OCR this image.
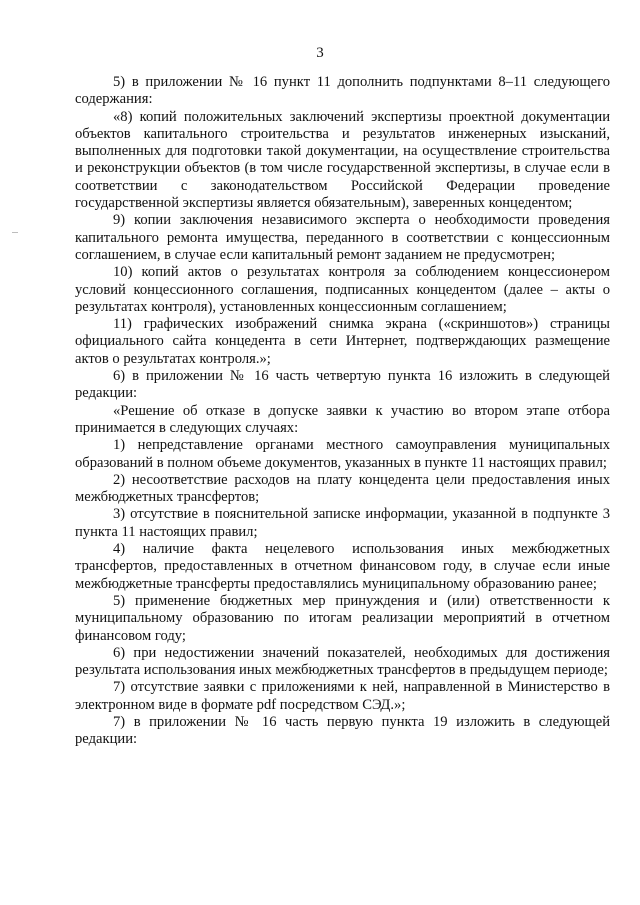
3

5) в приложении № 16 пункт 11 дополнить подпунктами 8–11 следующего содержания:

«8) копий положительных заключений экспертизы проектной документации объектов капитального строительства и результатов инженерных изысканий, выполненных для подготовки такой документации, на осуществление строительства и реконструкции объектов (в том числе государственной экспертизы, в случае если в соответствии с законодательством Российской Федерации проведение государственной экспертизы является обязательным), заверенных концедентом;

9) копии заключения независимого эксперта о необходимости проведения капитального ремонта имущества, переданного в соответствии с концессионным соглашением, в случае если капитальный ремонт заданием не предусмотрен;

10) копий актов о результатах контроля за соблюдением концессионером условий концессионного соглашения, подписанных концедентом (далее – акты о результатах контроля), установленных концессионным соглашением;

11) графических изображений снимка экрана («скриншотов») страницы официального сайта концедента в сети Интернет, подтверждающих размещение актов о результатах контроля.»;

6) в приложении № 16 часть четвертую пункта 16 изложить в следующей редакции:

«Решение об отказе в допуске заявки к участию во втором этапе отбора принимается в следующих случаях:

1) непредставление органами местного самоуправления муниципальных образований в полном объеме документов, указанных в пункте 11 настоящих правил;

2) несоответствие расходов на плату концедента цели предоставления иных межбюджетных трансфертов;

3) отсутствие в пояснительной записке информации, указанной в подпункте 3 пункта 11 настоящих правил;

4) наличие факта нецелевого использования иных межбюджетных трансфертов, предоставленных в отчетном финансовом году, в случае если иные межбюджетные трансферты предоставлялись муниципальному образованию ранее;

5) применение бюджетных мер принуждения и (или) ответственности к муниципальному образованию по итогам реализации мероприятий в отчетном финансовом году;

6) при недостижении значений показателей, необходимых для достижения результата использования иных межбюджетных трансфертов в предыдущем периоде;

7) отсутствие заявки с приложениями к ней, направленной в Министерство в электронном виде в формате pdf посредством СЭД.»;

7) в приложении № 16 часть первую пункта 19 изложить в следующей редакции:
